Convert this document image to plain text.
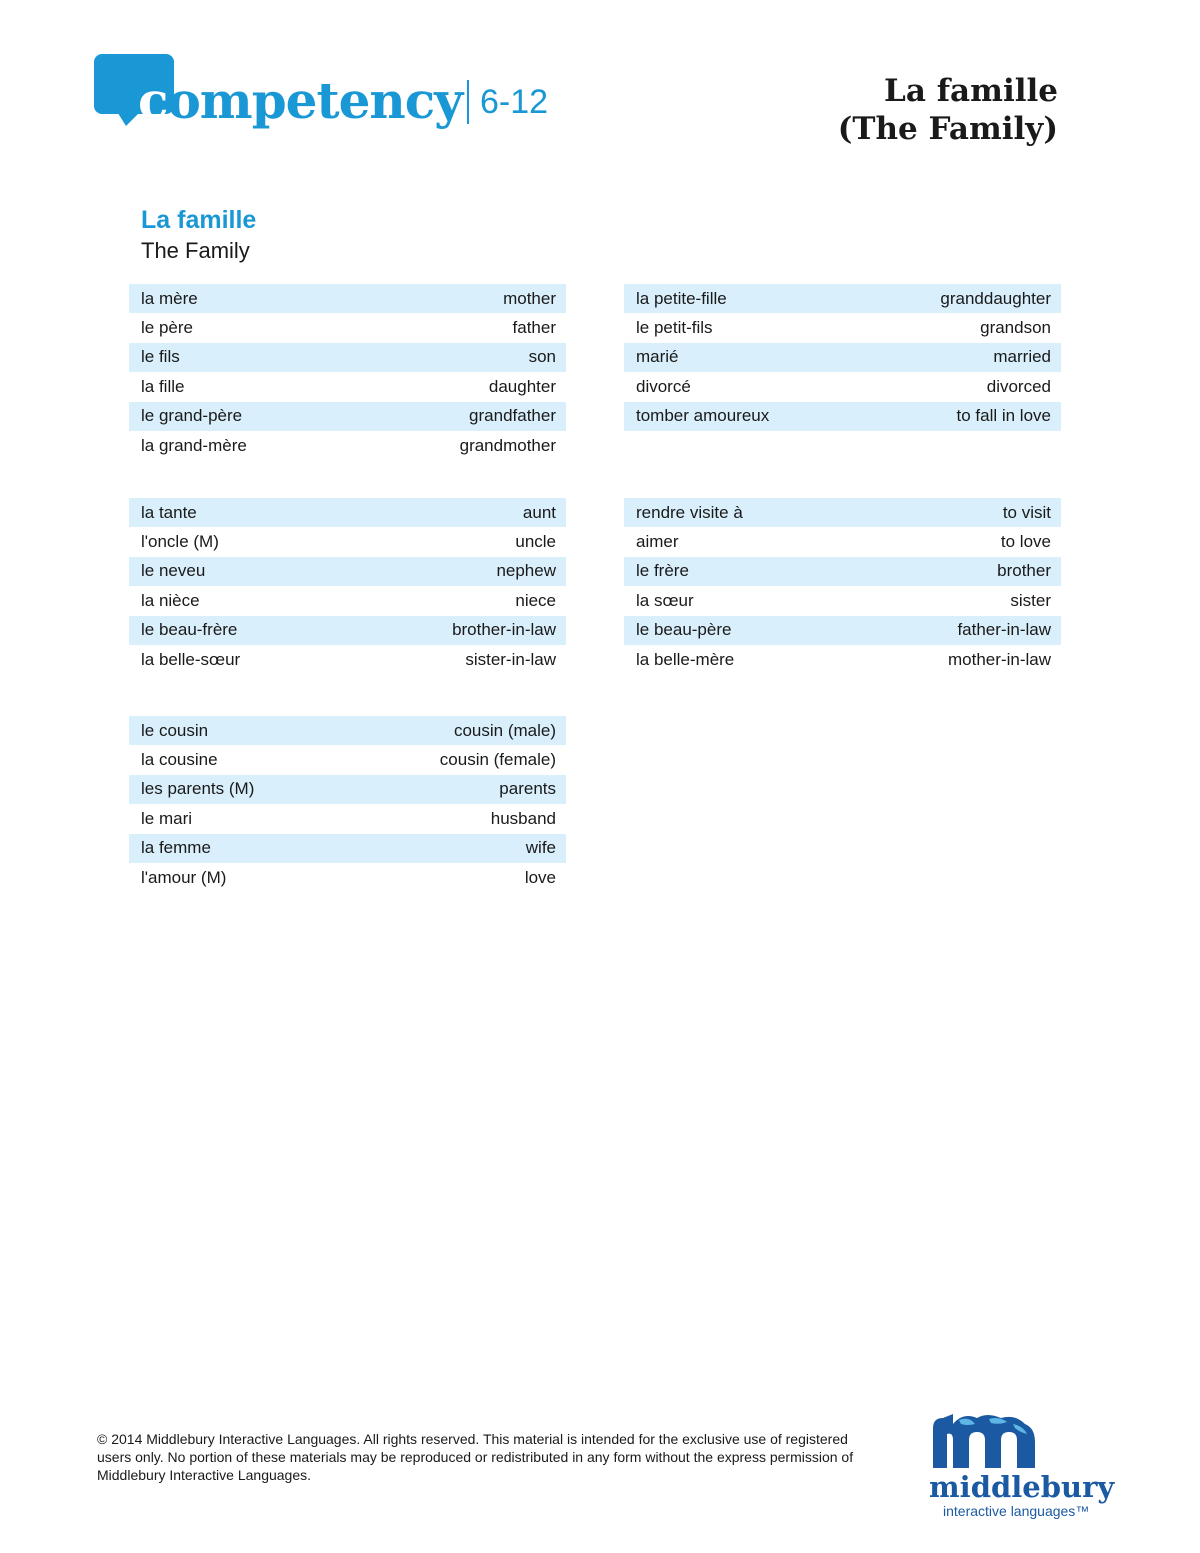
competency 6-12	La famille
(The Family)
La famille
The Family
la mère	mother
le père	father
le fils	son
la fille	daughter
le grand-père	grandfather
la grand-mère	grandmother
la petite-fille	granddaughter
le petit-fils	grandson
marié	married
divorcé	divorced
tomber amoureux	to fall in love
la tante	aunt
l'oncle (M)	uncle
le neveu	nephew
la nièce	niece
le beau-frère	brother-in-law
la belle-sœur	sister-in-law
rendre visite à	to visit
aimer	to love
le frère	brother
la sœur	sister
le beau-père	father-in-law
la belle-mère	mother-in-law
le cousin	cousin (male)
la cousine	cousin (female)
les parents (M)	parents
le mari	husband
la femme	wife
l'amour (M)	love
© 2014 Middlebury Interactive Languages. All rights reserved. This material is intended for the exclusive use of registered users only. No portion of these materials may be reproduced or redistributed in any form without the express permission of Middlebury Interactive Languages.	middlebury
interactive languages™
